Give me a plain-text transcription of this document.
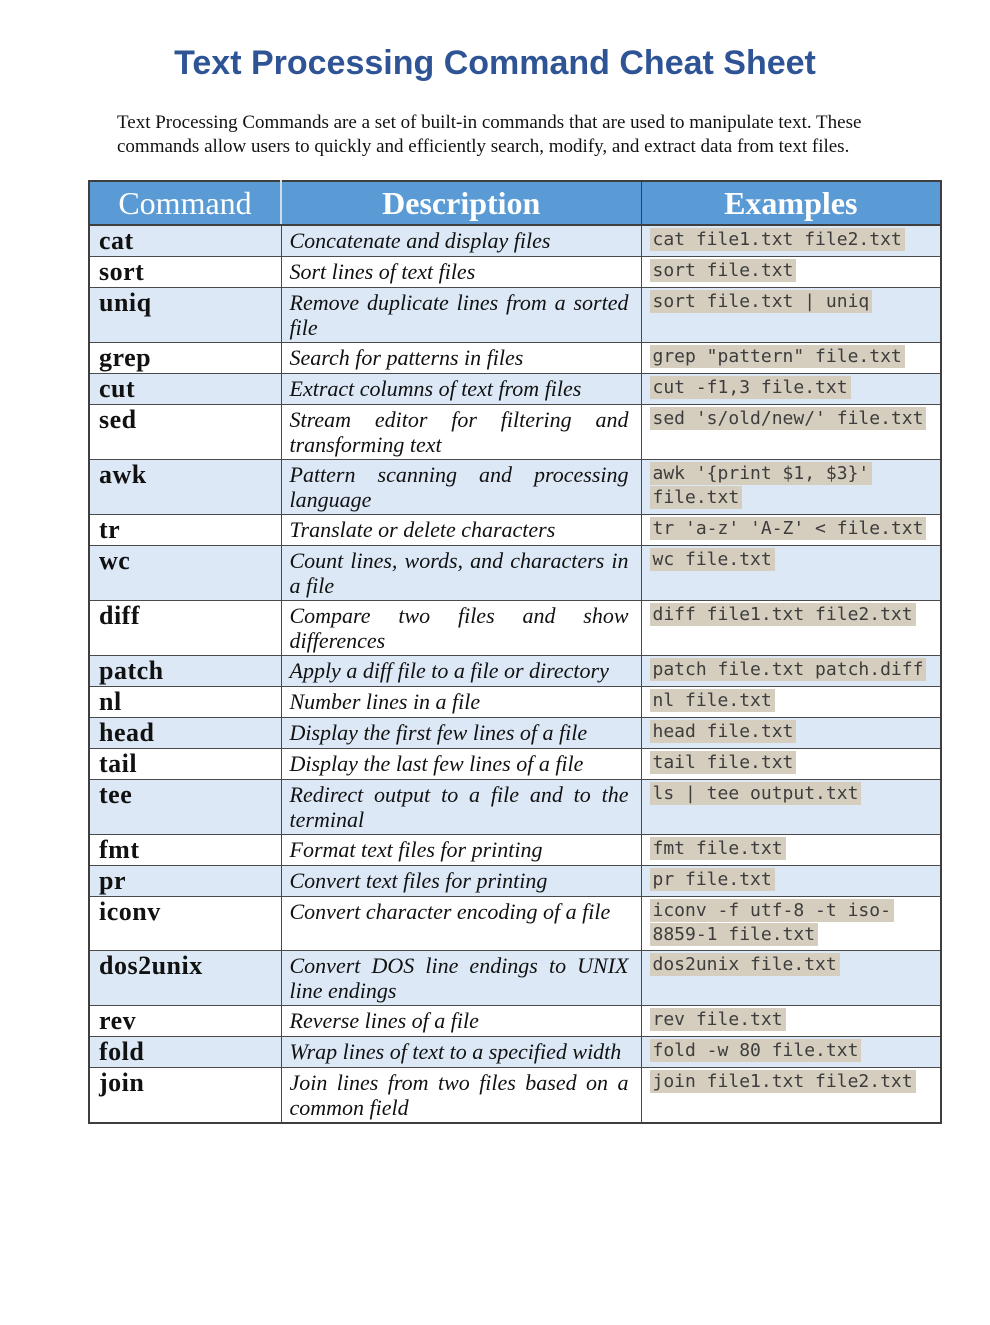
Text Processing Command Cheat Sheet

Text Processing Commands are a set of built-in commands that are used to manipulate text. These commands allow users to quickly and efficiently search, modify, and extract data from text files.

Command	Description	Examples
cat	Concatenate and display files	cat file1.txt file2.txt
sort	Sort lines of text files	sort file.txt
uniq	Remove duplicate lines from a sorted file	sort file.txt | uniq
grep	Search for patterns in files	grep "pattern" file.txt
cut	Extract columns of text from files	cut -f1,3 file.txt
sed	Stream editor for filtering and transforming text	sed 's/old/new/' file.txt
awk	Pattern scanning and processing language	awk '{print $1, $3}' file.txt
tr	Translate or delete characters	tr 'a-z' 'A-Z' < file.txt
wc	Count lines, words, and characters in a file	wc file.txt
diff	Compare two files and show differences	diff file1.txt file2.txt
patch	Apply a diff file to a file or directory	patch file.txt patch.diff
nl	Number lines in a file	nl file.txt
head	Display the first few lines of a file	head file.txt
tail	Display the last few lines of a file	tail file.txt
tee	Redirect output to a file and to the terminal	ls | tee output.txt
fmt	Format text files for printing	fmt file.txt
pr	Convert text files for printing	pr file.txt
iconv	Convert character encoding of a file	iconv -f utf-8 -t iso-8859-1 file.txt
dos2unix	Convert DOS line endings to UNIX line endings	dos2unix file.txt
rev	Reverse lines of a file	rev file.txt
fold	Wrap lines of text to a specified width	fold -w 80 file.txt
join	Join lines from two files based on a common field	join file1.txt file2.txt
